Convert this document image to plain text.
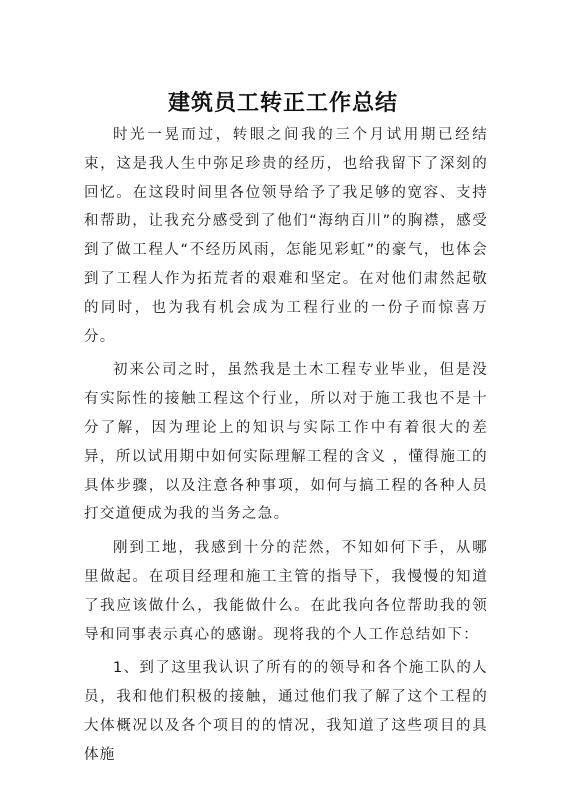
建筑员工转正工作总结

时光一晃而过，转眼之间我的三个月试用期已经结束，这是我人生中弥足珍贵的经历，也给我留下了深刻的回忆。在这段时间里各位领导给予了我足够的宽容、支持和帮助，让我充分感受到了他们“海纳百川”的胸襟，感受到了做工程人“不经历风雨，怎能见彩虹”的豪气，也体会到了工程人作为拓荒者的艰难和坚定。在对他们肃然起敬的同时，也为我有机会成为工程行业的一份子而惊喜万分。

初来公司之时，虽然我是土木工程专业毕业，但是没有实际性的接触工程这个行业，所以对于施工我也不是十分了解，因为理论上的知识与实际工作中有着很大的差异，所以试用期中如何实际理解工程的含义 ，懂得施工的具体步骤，以及注意各种事项，如何与搞工程的各种人员打交道便成为我的当务之急。

刚到工地，我感到十分的茫然，不知如何下手，从哪里做起。在项目经理和施工主管的指导下，我慢慢的知道了我应该做什么，我能做什么。在此我向各位帮助我的领导和同事表示真心的感谢。现将我的个人工作总结如下：

1、到了这里我认识了所有的的领导和各个施工队的人员，我和他们积极的接触，通过他们我了解了这个工程的大体概况以及各个项目的的情况，我知道了这些项目的具体施
